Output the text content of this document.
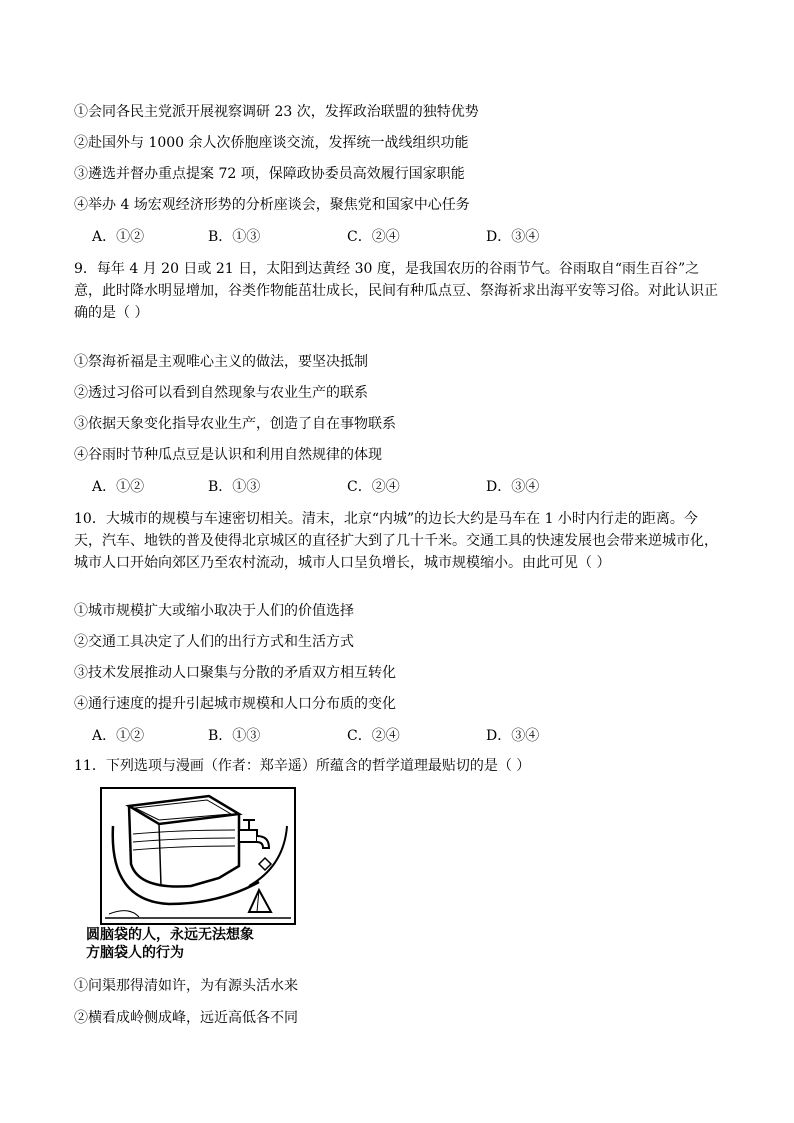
①会同各民主党派开展视察调研 23 次，发挥政治联盟的独特优势
②赴国外与 1000 余人次侨胞座谈交流，发挥统一战线组织功能
③遴选并督办重点提案 72 项，保障政协委员高效履行国家职能
④举办 4 场宏观经济形势的分析座谈会，聚焦党和国家中心任务
A．①②	B．①③	C．②④	D．③④
9．每年 4 月 20 日或 21 日，太阳到达黄经 30 度，是我国农历的谷雨节气。谷雨取自“雨生百谷”之意，此时降水明显增加，谷类作物能茁壮成长，民间有种瓜点豆、祭海祈求出海平安等习俗。对此认识正确的是（ ）
①祭海祈福是主观唯心主义的做法，要坚决抵制
②透过习俗可以看到自然现象与农业生产的联系
③依据天象变化指导农业生产，创造了自在事物联系
④谷雨时节种瓜点豆是认识和利用自然规律的体现
A．①②	B．①③	C．②④	D．③④
10．大城市的规模与车速密切相关。清末，北京“内城”的边长大约是马车在 1 小时内行走的距离。今天，汽车、地铁的普及使得北京城区的直径扩大到了几十千米。交通工具的快速发展也会带来逆城市化，城市人口开始向郊区乃至农村流动，城市人口呈负增长，城市规模缩小。由此可见（ ）
①城市规模扩大或缩小取决于人们的价值选择
②交通工具决定了人们的出行方式和生活方式
③技术发展推动人口聚集与分散的矛盾双方相互转化
④通行速度的提升引起城市规模和人口分布质的变化
A．①②	B．①③	C．②④	D．③④
11．下列选项与漫画（作者：郑辛遥）所蕴含的哲学道理最贴切的是（ ）
圆脑袋的人，永远无法想象
方脑袋人的行为
①问渠那得清如许，为有源头活水来
②横看成岭侧成峰，远近高低各不同
